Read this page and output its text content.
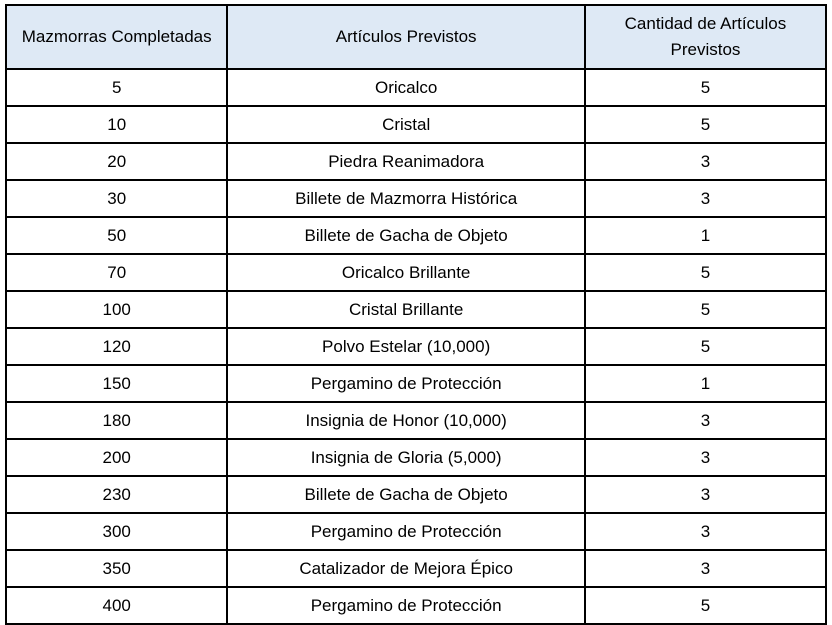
Mazmorras Completadas	Artículos Previstos	Cantidad de Artículos Previstos
5	Oricalco	5
10	Cristal	5
20	Piedra Reanimadora	3
30	Billete de Mazmorra Histórica	3
50	Billete de Gacha de Objeto	1
70	Oricalco Brillante	5
100	Cristal Brillante	5
120	Polvo Estelar (10,000)	5
150	Pergamino de Protección	1
180	Insignia de Honor (10,000)	3
200	Insignia de Gloria (5,000)	3
230	Billete de Gacha de Objeto	3
300	Pergamino de Protección	3
350	Catalizador de Mejora Épico	3
400	Pergamino de Protección	5
